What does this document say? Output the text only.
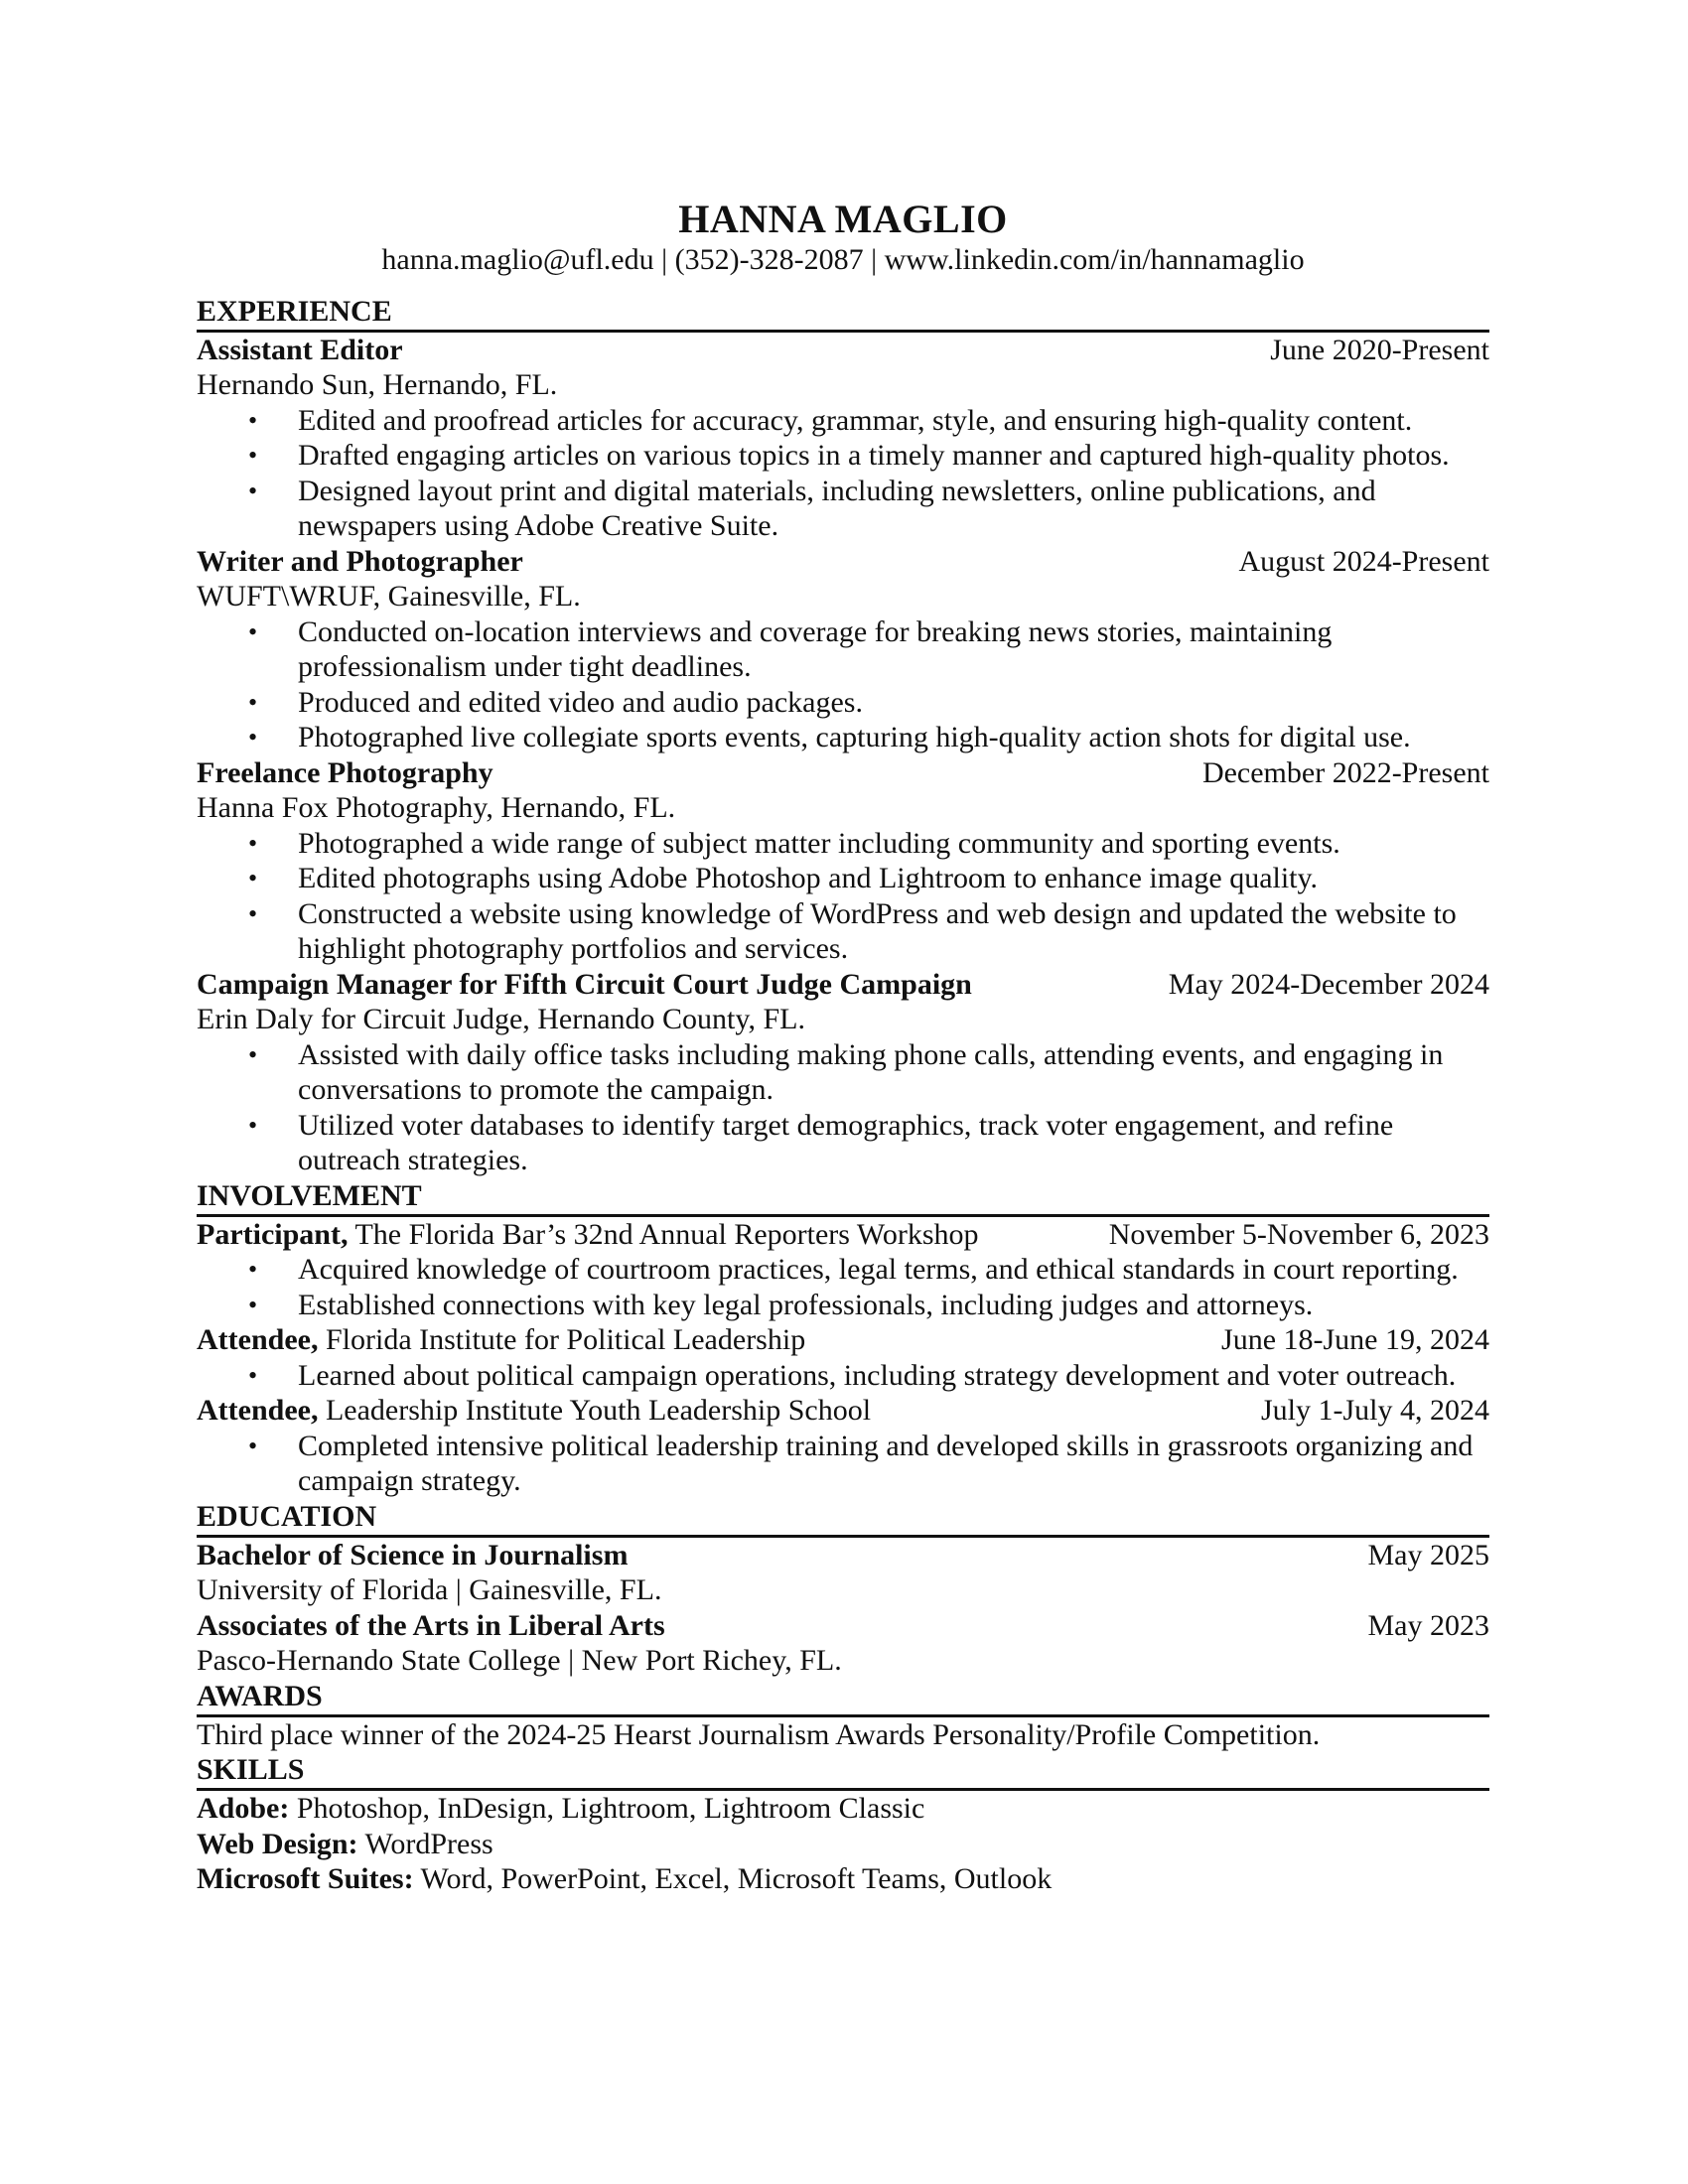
HANNA MAGLIO
hanna.maglio@ufl.edu | (352)-328-2087 | www.linkedin.com/in/hannamaglio
EXPERIENCE
Assistant Editor	June 2020-Present
Hernando Sun, Hernando, FL.
• Edited and proofread articles for accuracy, grammar, style, and ensuring high-quality content.
• Drafted engaging articles on various topics in a timely manner and captured high-quality photos.
• Designed layout print and digital materials, including newsletters, online publications, and newspapers using Adobe Creative Suite.
Writer and Photographer	August 2024-Present
WUFT\WRUF, Gainesville, FL.
• Conducted on-location interviews and coverage for breaking news stories, maintaining professionalism under tight deadlines.
• Produced and edited video and audio packages.
• Photographed live collegiate sports events, capturing high-quality action shots for digital use.
Freelance Photography	December 2022-Present
Hanna Fox Photography, Hernando, FL.
• Photographed a wide range of subject matter including community and sporting events.
• Edited photographs using Adobe Photoshop and Lightroom to enhance image quality.
• Constructed a website using knowledge of WordPress and web design and updated the website to highlight photography portfolios and services.
Campaign Manager for Fifth Circuit Court Judge Campaign	May 2024-December 2024
Erin Daly for Circuit Judge, Hernando County, FL.
• Assisted with daily office tasks including making phone calls, attending events, and engaging in conversations to promote the campaign.
• Utilized voter databases to identify target demographics, track voter engagement, and refine outreach strategies.
INVOLVEMENT
Participant, The Florida Bar’s 32nd Annual Reporters Workshop	November 5-November 6, 2023
• Acquired knowledge of courtroom practices, legal terms, and ethical standards in court reporting.
• Established connections with key legal professionals, including judges and attorneys.
Attendee, Florida Institute for Political Leadership	June 18-June 19, 2024
• Learned about political campaign operations, including strategy development and voter outreach.
Attendee, Leadership Institute Youth Leadership School	July 1-July 4, 2024
• Completed intensive political leadership training and developed skills in grassroots organizing and campaign strategy.
EDUCATION
Bachelor of Science in Journalism	May 2025
University of Florida | Gainesville, FL.
Associates of the Arts in Liberal Arts	May 2023
Pasco-Hernando State College | New Port Richey, FL.
AWARDS
Third place winner of the 2024-25 Hearst Journalism Awards Personality/Profile Competition.
SKILLS
Adobe: Photoshop, InDesign, Lightroom, Lightroom Classic
Web Design: WordPress
Microsoft Suites: Word, PowerPoint, Excel, Microsoft Teams, Outlook
